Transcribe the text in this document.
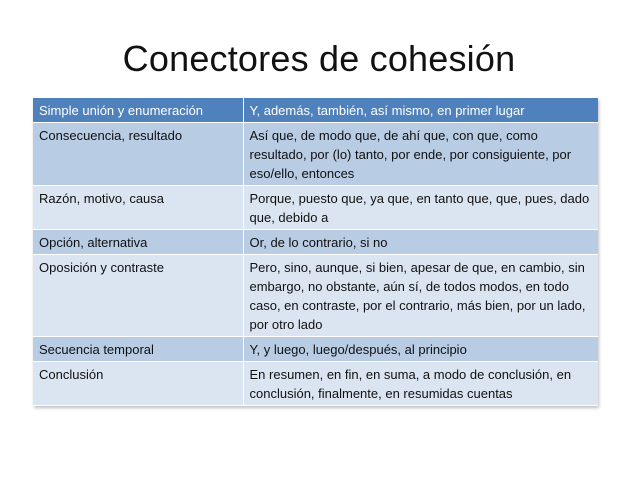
Conectores de cohesión
Simple unión y enumeración	Y, además, también, así mismo, en primer lugar
Consecuencia, resultado	Así que, de modo que, de ahí que, con que, como resultado, por (lo) tanto, por ende, por consiguiente, por eso/ello, entonces
Razón, motivo, causa	Porque, puesto que, ya que, en tanto que, que, pues, dado que, debido a
Opción, alternativa	Or, de lo contrario, si no
Oposición y contraste	Pero, sino, aunque, si bien, apesar de que, en cambio, sin embargo, no obstante, aún sí, de todos modos, en todo caso, en contraste, por el contrario, más bien, por un lado, por otro lado
Secuencia temporal	Y, y luego, luego/después, al principio
Conclusión	En resumen, en fin, en suma, a modo de conclusión, en conclusión, finalmente, en resumidas cuentas
